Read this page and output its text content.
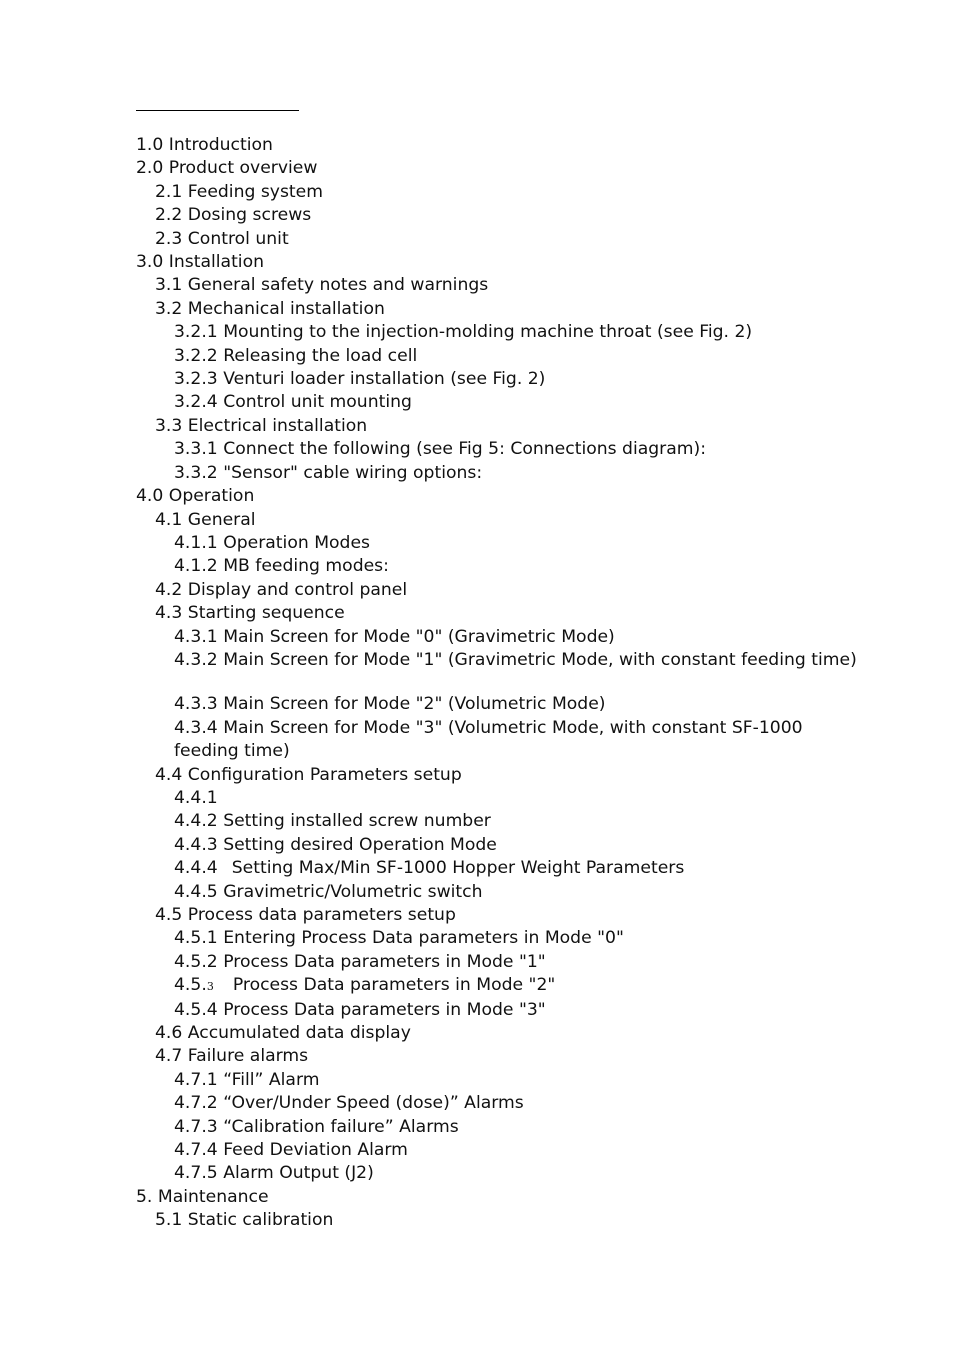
1.0 Introduction
2.0 Product overview
2.1 Feeding system
2.2 Dosing screws
2.3 Control unit
3.0 Installation
3.1 General safety notes and warnings
3.2 Mechanical installation
3.2.1 Mounting to the injection-molding machine throat (see Fig. 2)
3.2.2 Releasing the load cell
3.2.3 Venturi loader installation (see Fig. 2)
3.2.4 Control unit mounting
3.3 Electrical installation
3.3.1 Connect the following (see Fig 5: Connections diagram):
3.3.2 "Sensor" cable wiring options:
4.0 Operation
4.1 General
4.1.1 Operation Modes
4.1.2 MB feeding modes:
4.2 Display and control panel
4.3 Starting sequence
4.3.1 Main Screen for Mode "0" (Gravimetric Mode)
4.3.2 Main Screen for Mode "1" (Gravimetric Mode, with constant feeding time)
4.3.3 Main Screen for Mode "2" (Volumetric Mode)
4.3.4 Main Screen for Mode "3" (Volumetric Mode, with constant SF-1000 feeding time)
4.4 Configuration Parameters setup
4.4.1
4.4.2 Setting installed screw number
4.4.3 Setting desired Operation Mode
4.4.4 Setting Max/Min SF-1000 Hopper Weight Parameters
4.4.5 Gravimetric/Volumetric switch
4.5 Process data parameters setup
4.5.1 Entering Process Data parameters in Mode "0"
4.5.2 Process Data parameters in Mode "1"
4.5.3 Process Data parameters in Mode "2"
4.5.4 Process Data parameters in Mode "3"
4.6 Accumulated data display
4.7 Failure alarms
4.7.1 “Fill” Alarm
4.7.2 “Over/Under Speed (dose)” Alarms
4.7.3 “Calibration failure” Alarms
4.7.4 Feed Deviation Alarm
4.7.5 Alarm Output (J2)
5. Maintenance
5.1 Static calibration
